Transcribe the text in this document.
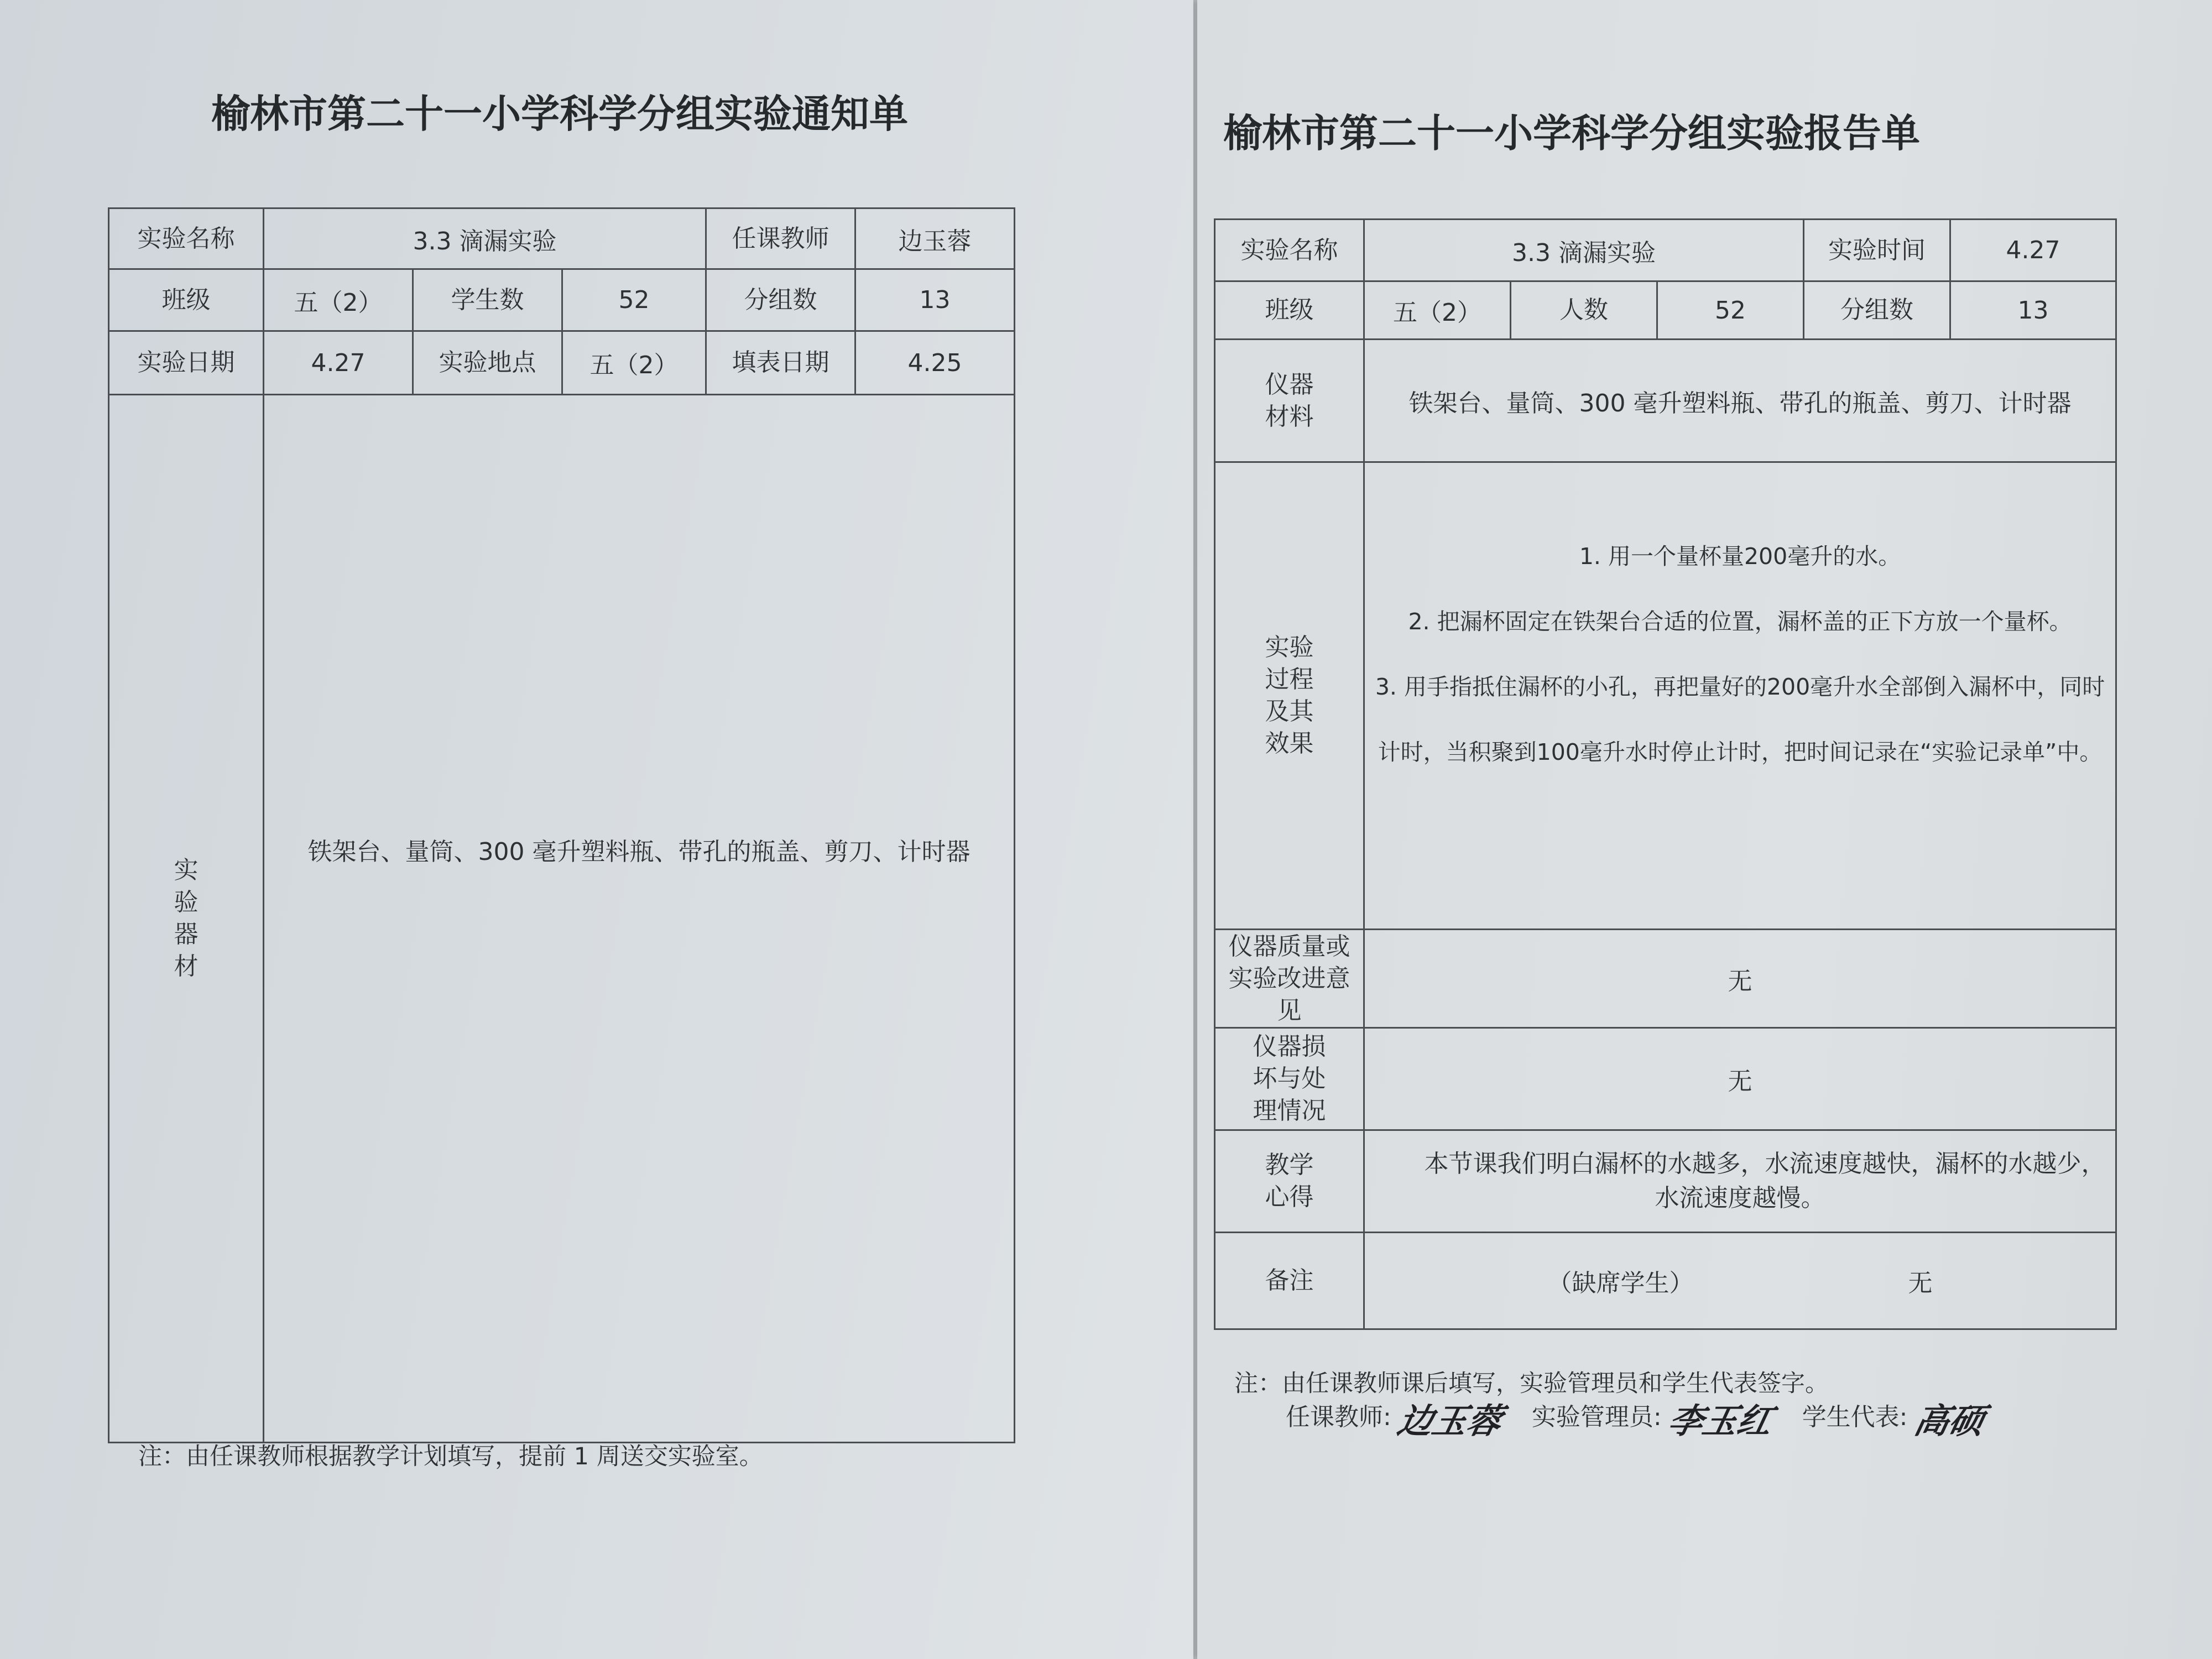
榆林市第二十一小学科学分组实验通知单
实验名称	3.3 滴漏实验			任课教师	边玉蓉
班级	五（2）	学生数	52	分组数	13
实验日期	4.27	实验地点	五（2）	填表日期	4.25

实验器材	铁架台、量筒、300 毫升塑料瓶、带孔的瓶盖、剪刀、计时器				
注：由任课教师根据教学计划填写，提前 1 周送交实验室。
榆林市第二十一小学科学分组实验报告单
实验名称	3.3 滴漏实验			实验时间	4.27
班级	五（2）	人数	52	分组数	13

仪器材料	铁架台、量筒、300 毫升塑料瓶、带孔的瓶盖、剪刀、计时器				

实验过程及其效果	1. 用一个量杯量200毫升的水。

2. 把漏杯固定在铁架台合适的位置，漏杯盖的正下方放一个量杯。

3. 用手指抵住漏杯的小孔，再把量好的200毫升水全部倒入漏杯中，同时计时，当积聚到100毫升水时停止计时，把时间记录在“实验记录单”中。				

仪器质量或实验改进意见	无				

仪器损坏与处理情况	无				

教学心得	本节课我们明白漏杯的水越多，水流速度越快，漏杯的水越少，水流速度越慢。				
备注	（缺席学生） 无				
注：由任课教师课后填写，实验管理员和学生代表签字。
任课教师: 边玉蓉 实验管理员: 李玉红 学生代表: 高硕
